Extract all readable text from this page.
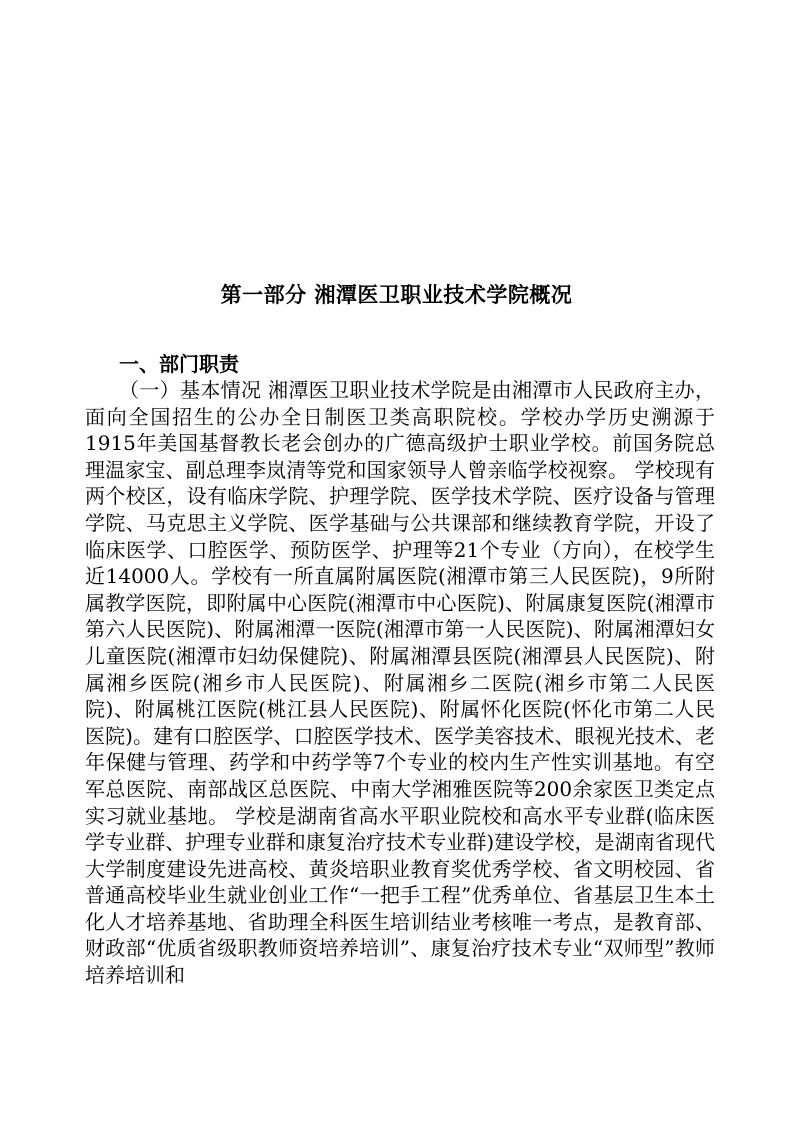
第一部分 湘潭医卫职业技术学院概况
一、部门职责

（一）基本情况 湘潭医卫职业技术学院是由湘潭市人民政府主办，面向全国招生的公办全日制医卫类高职院校。学校办学历史溯源于1915年美国基督教长老会创办的广德高级护士职业学校。前国务院总理温家宝、副总理李岚清等党和国家领导人曾亲临学校视察。 学校现有两个校区，设有临床学院、护理学院、医学技术学院、医疗设备与管理学院、马克思主义学院、医学基础与公共课部和继续教育学院，开设了临床医学、口腔医学、预防医学、护理等21个专业（方向），在校学生近14000人。学校有一所直属附属医院(湘潭市第三人民医院)，9所附属教学医院，即附属中心医院(湘潭市中心医院)、附属康复医院(湘潭市第六人民医院)、附属湘潭一医院(湘潭市第一人民医院)、附属湘潭妇女儿童医院(湘潭市妇幼保健院)、附属湘潭县医院(湘潭县人民医院)、附属湘乡医院(湘乡市人民医院)、附属湘乡二医院(湘乡市第二人民医院)、附属桃江医院(桃江县人民医院)、附属怀化医院(怀化市第二人民医院)。建有口腔医学、口腔医学技术、医学美容技术、眼视光技术、老年保健与管理、药学和中药学等7个专业的校内生产性实训基地。有空军总医院、南部战区总医院、中南大学湘雅医院等200余家医卫类定点实习就业基地。 学校是湖南省高水平职业院校和高水平专业群(临床医学专业群、护理专业群和康复治疗技术专业群)建设学校，是湖南省现代大学制度建设先进高校、黄炎培职业教育奖优秀学校、省文明校园、省普通高校毕业生就业创业工作“一把手工程”优秀单位、省基层卫生本土化人才培养基地、省助理全科医生培训结业考核唯一考点，是教育部、财政部“优质省级职教师资培养培训”、康复治疗技术专业“双师型”教师培养培训和
